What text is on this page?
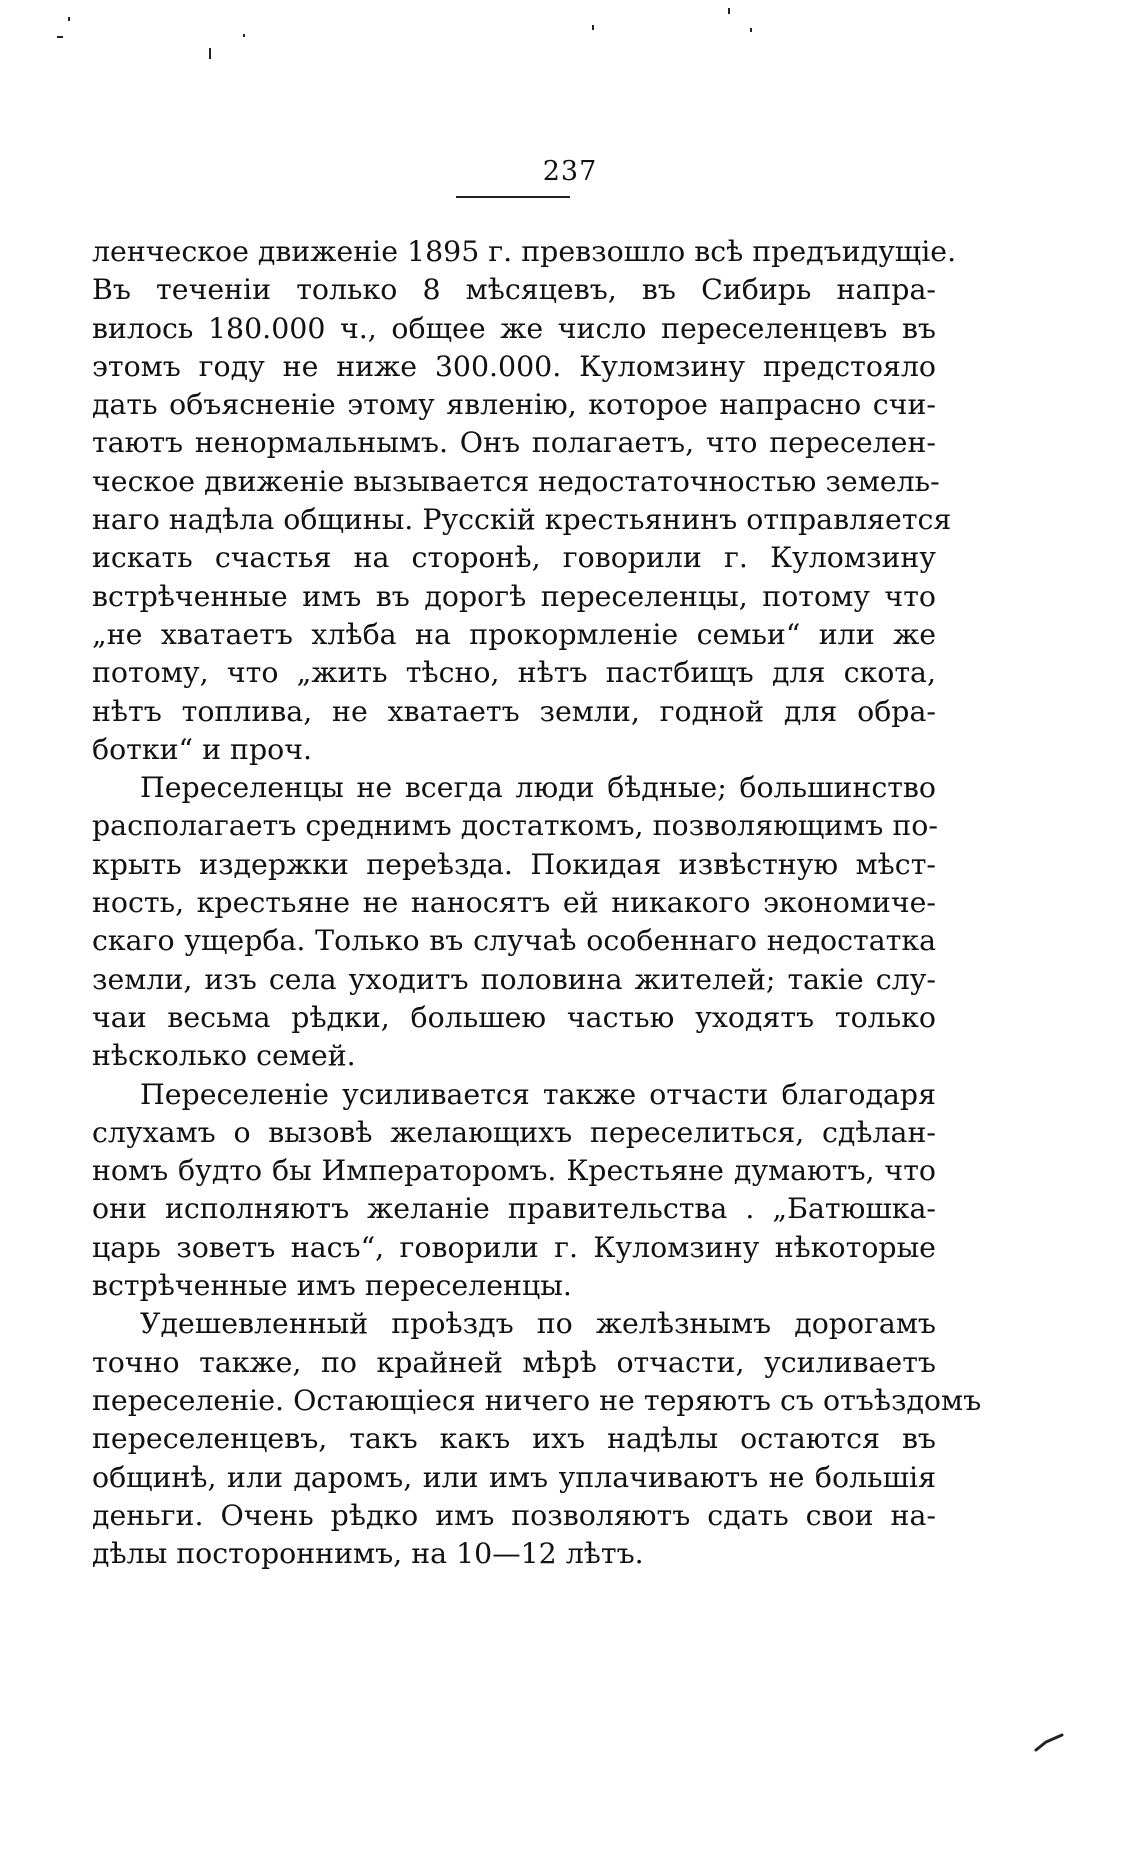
237
ленческое движеніе 1895 г. превзошло всѣ предъидущіе.
Въ теченіи только 8 мѣсяцевъ, въ Сибирь напра-
вилось 180.000 ч., общее же число переселенцевъ въ
этомъ году не ниже 300.000. Куломзину предстояло
дать объясненіе этому явленію, которое напрасно счи-
таютъ ненормальнымъ. Онъ полагаетъ, что переселен-
ческое движеніе вызывается недостаточностью земель-
наго надѣла общины. Русскій крестьянинъ отправляется
искать счастья на сторонѣ, говорили г. Куломзину
встрѣченные имъ въ дорогѣ переселенцы, потому что
„не хватаетъ хлѣба на прокормленіе семьи“ или же
потому, что „жить тѣсно, нѣтъ пастбищъ для скота,
нѣтъ топлива, не хватаетъ земли, годной для обра-
ботки“ и проч.
Переселенцы не всегда люди бѣдные; большинство
располагаетъ среднимъ достаткомъ, позволяющимъ по-
крыть издержки переѣзда. Покидая извѣстную мѣст-
ность, крестьяне не наносятъ ей никакого экономиче-
скаго ущерба. Только въ случаѣ особеннаго недостатка
земли, изъ села уходитъ половина жителей; такіе слу-
чаи весьма рѣдки, большею частью уходятъ только
нѣсколько семей.
Переселеніе усиливается также отчасти благодаря
слухамъ о вызовѣ желающихъ переселиться, сдѣлан-
номъ будто бы Императоромъ. Крестьяне думаютъ, что
они исполняютъ желаніе правительства . „Батюшка-
царь зоветъ насъ“, говорили г. Куломзину нѣкоторые
встрѣченные имъ переселенцы.
Удешевленный проѣздъ по желѣзнымъ дорогамъ
точно также, по крайней мѣрѣ отчасти, усиливаетъ
переселеніе. Остающіеся ничего не теряютъ съ отъѣздомъ
переселенцевъ, такъ какъ ихъ надѣлы остаются въ
общинѣ, или даромъ, или имъ уплачиваютъ не большія
деньги. Очень рѣдко имъ позволяютъ сдать свои на-
дѣлы постороннимъ, на 10—12 лѣтъ.
